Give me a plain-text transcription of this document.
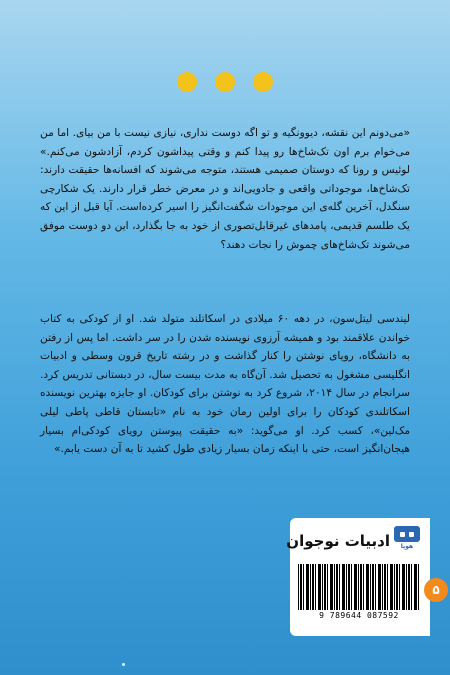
«می‌دونم این نقشه، دیوونگیه و تو اگه دوست نداری، نیازی نیست با من بیای. اما من می‌خوام برم اون تک‌شاخ‌ها رو پیدا کنم و وقتی پیداشون کردم، آزادشون می‌کنم.» لوئیس و رونا که دوستان صمیمی هستند، متوجه می‌شوند که افسانه‌ها حقیقت دارند: تک‌شاخ‌ها، موجوداتی واقعی و جادویی‌اند و در معرض خطر قرار دارند. یک شکارچی سنگدل، آخرین گله‌ی این موجودات شگفت‌انگیز را اسیر کرده‌است. آیا قبل از این که یک طلسم قدیمی، پامدهای غیرقابل‌تصوری از خود به جا بگذارد، این دو دوست موفق می‌شوند تک‌شاخ‌های چموش را نجات دهند؟

لیندسی لیتل‌سون، در دهه ۶۰ میلادی در اسکاتلند متولد شد. او از کودکی به کتاب خواندن علاقمند بود و همیشه آرزوی نویسنده شدن را در سر داشت. اما پس از رفتن به دانشگاه، رویای نوشتن را کنار گذاشت و در رشته تاریخ قرون وسطی و ادبیات انگلیسی مشغول به تحصیل شد. آن‌گاه به مدت بیست سال، در دبستانی تدریس کرد. سرانجام در سال ۲۰۱۴، شروع کرد به نوشتن برای کودکان. او جایزه بهترین نویسنده اسکاتلندی کودکان را برای اولین رمان خود به نام «تابستان قاطی پاطی لیلی مک‌لین»، کسب کرد. او می‌گوید: «به حقیقت پیوستن رویای کودکی‌ام بسیار هیجان‌انگیز است، حتی با اینکه زمان بسیار زیادی طول کشید تا به آن دست یابم.»

ادبیات نوجوان	هوپا
9 789644 087592
۵
